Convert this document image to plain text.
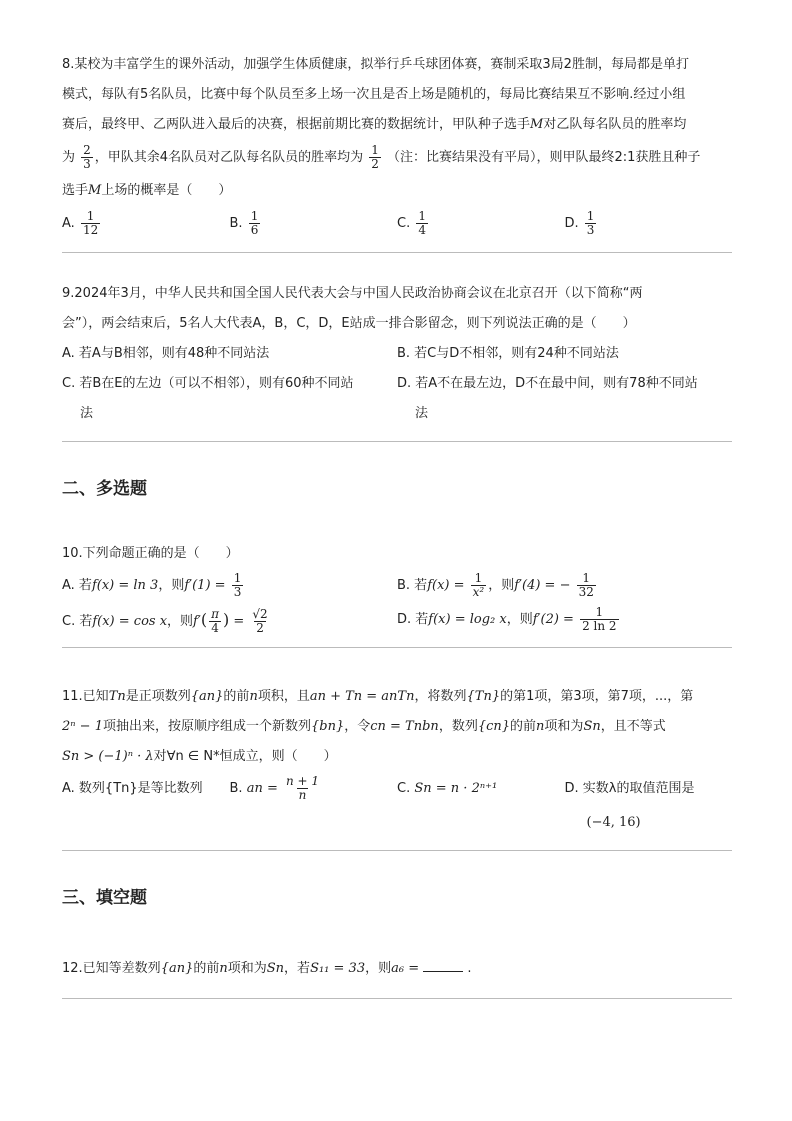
8.某校为丰富学生的课外活动，加强学生体质健康，拟举行乒乓球团体赛，赛制采取3局2胜制，每局都是单打

模式，每队有5名队员，比赛中每个队员至多上场一次且是否上场是随机的，每局比赛结果互不影响.经过小组

赛后，最终甲、乙两队进入最后的决赛，根据前期比赛的数据统计，甲队种子选手M对乙队每名队员的胜率均

为 $\frac{2}{3}$ ，甲队其余4名队员对乙队每名队员的胜率均为 $\frac{1}{2}$ （注：比赛结果没有平局），则甲队最终2:1获胜且种子

选手M上场的概率是（　　）

A. $\frac{1}{12}$	B. $\frac{1}{6}$	C. $\frac{1}{4}$	D. $\frac{1}{3}$

9.2024年3月，中华人民共和国全国人民代表大会与中国人民政治协商会议在北京召开（以下简称“两

会”），两会结束后，5名人大代表A，B，C，D，E站成一排合影留念，则下列说法正确的是（　　）

A. 若A与B相邻，则有48种不同站法	B. 若C与D不相邻，则有24种不同站法
C. 若B在E的左边（可以不相邻），则有60种不同站
法
D. 若A不在最左边，D不在最中间，则有78种不同站
法
二、多选题

10.下列命题正确的是（　　）

A. 若f(x) = ln 3，则$f'(1) = \frac{1}{3}$	B. 若$f(x) = \frac{1}{\text{x²}}$ ，则f′(4) = − $\frac{1}{32}$
C. 若f(x) = cos x，则$f'( \frac{\pi}{4}$ ) = $\frac{√2}{2}$	D. 若f(x) = log₂ x，则$f'(2) = \frac{1}{2 \ln 2}$

11.已知Tn是正项数列{an}的前n项积，且an + Tn = anTn，将数列{Tn}的第1项，第3项，第7项，...，第

2ⁿ − 1项抽出来，按原顺序组成一个新数列{bn}，令cn = Tnbn，数列{cn}的前n项和为Sn，且不等式

Sn > (−1)ⁿ · λ对∀n ∈ N*恒成立，则（　　）

A. 数列{Tn}是等比数列	B. an = $\frac{n + 1}{n}$	C. Sn = n · 2ⁿ⁺¹	D. 实数λ的取值范围是
(−4, 16)
三、填空题

12.已知等差数列{an}的前n项和为Sn，若S₁₁ = 33，则a₆ =	.
